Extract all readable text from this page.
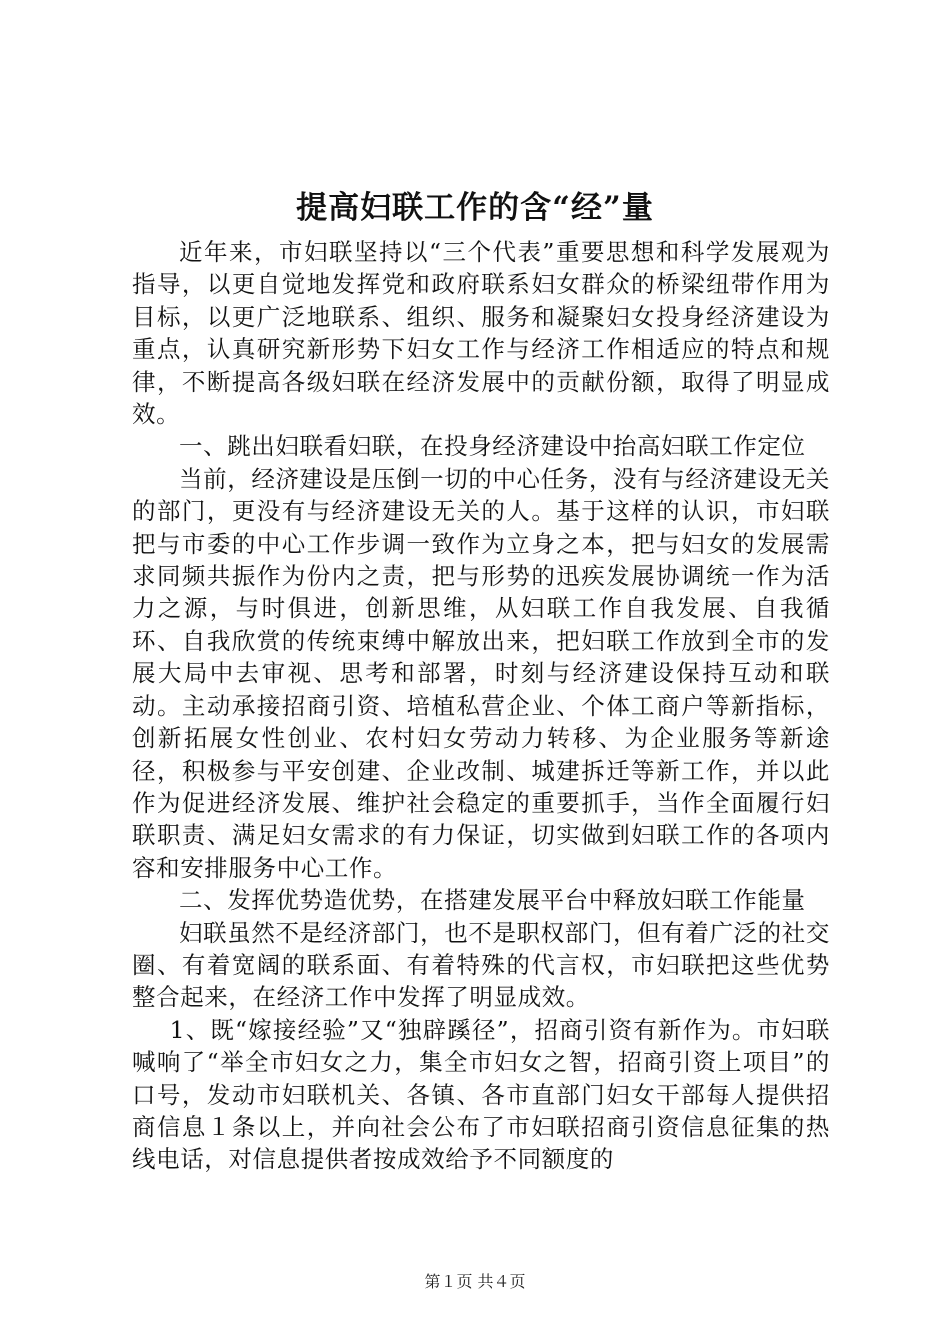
提高妇联工作的含“经”量

近年来，市妇联坚持以“三个代表”重要思想和科学发展观为指导，以更自觉地发挥党和政府联系妇女群众的桥梁纽带作用为目标，以更广泛地联系、组织、服务和凝聚妇女投身经济建设为重点，认真研究新形势下妇女工作与经济工作相适应的特点和规律，不断提高各级妇联在经济发展中的贡献份额，取得了明显成效。

一、跳出妇联看妇联，在投身经济建设中抬高妇联工作定位

当前，经济建设是压倒一切的中心任务，没有与经济建设无关的部门，更没有与经济建设无关的人。基于这样的认识，市妇联把与市委的中心工作步调一致作为立身之本，把与妇女的发展需求同频共振作为份内之责，把与形势的迅疾发展协调统一作为活力之源，与时俱进，创新思维，从妇联工作自我发展、自我循环、自我欣赏的传统束缚中解放出来，把妇联工作放到全市的发展大局中去审视、思考和部署，时刻与经济建设保持互动和联动。主动承接招商引资、培植私营企业、个体工商户等新指标，创新拓展女性创业、农村妇女劳动力转移、为企业服务等新途径，积极参与平安创建、企业改制、城建拆迁等新工作，并以此作为促进经济发展、维护社会稳定的重要抓手，当作全面履行妇联职责、满足妇女需求的有力保证，切实做到妇联工作的各项内容和安排服务中心工作。

二、发挥优势造优势，在搭建发展平台中释放妇联工作能量

妇联虽然不是经济部门，也不是职权部门，但有着广泛的社交圈、有着宽阔的联系面、有着特殊的代言权，市妇联把这些优势整合起来，在经济工作中发挥了明显成效。

1、既“嫁接经验”又“独辟蹊径”，招商引资有新作为。市妇联喊响了“举全市妇女之力，集全市妇女之智，招商引资上项目”的口号，发动市妇联机关、各镇、各市直部门妇女干部每人提供招商信息１条以上，并向社会公布了市妇联招商引资信息征集的热线电话，对信息提供者按成效给予不同额度的

第１页 共４页
